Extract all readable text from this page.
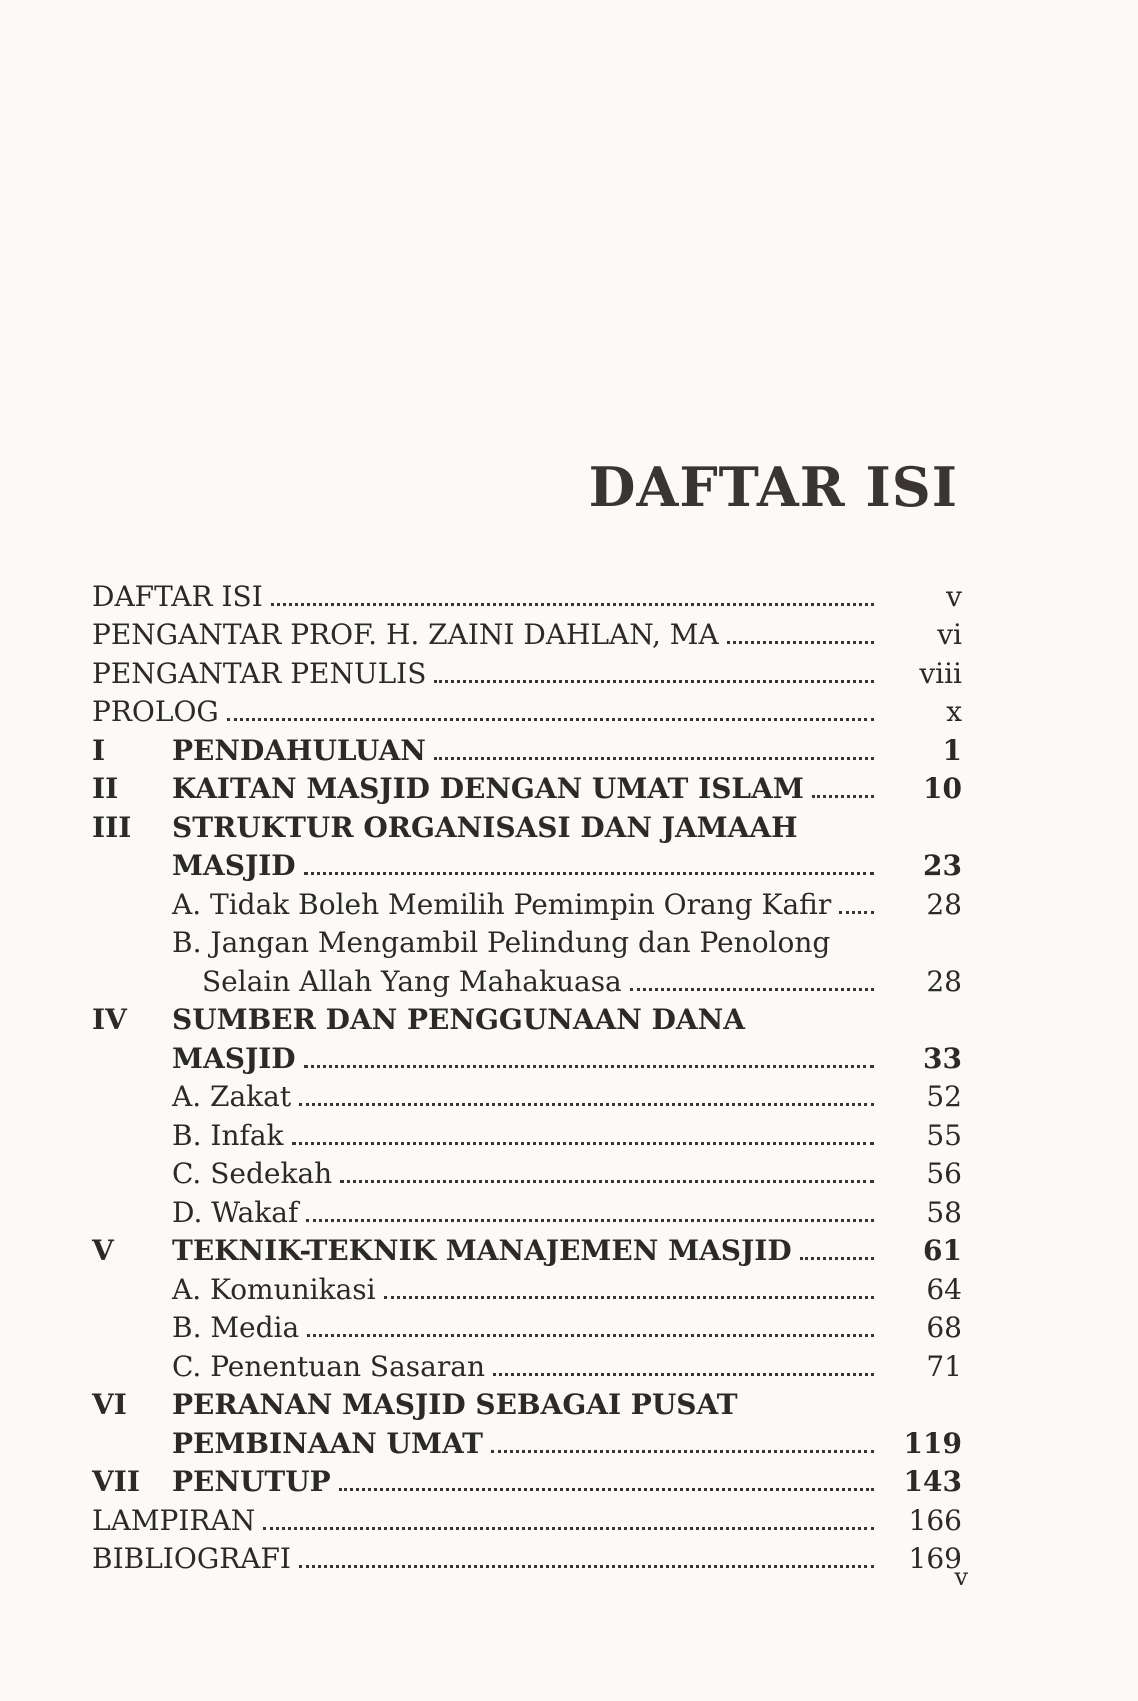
DAFTAR ISI
DAFTAR ISI	v
PENGANTAR PROF. H. ZAINI DAHLAN, MA	vi
PENGANTAR PENULIS	viii
PROLOG	x
I	PENDAHULUAN	1
II	KAITAN MASJID DENGAN UMAT ISLAM	10
III	STRUKTUR ORGANISASI DAN JAMAAH
MASJID	23
A. Tidak Boleh Memilih Pemimpin Orang Kafir	28
B. Jangan Mengambil Pelindung dan Penolong
Selain Allah Yang Mahakuasa	28
IV	SUMBER DAN PENGGUNAAN DANA
MASJID	33
A. Zakat	52
B. Infak	55
C. Sedekah	56
D. Wakaf	58
V	TEKNIK-TEKNIK MANAJEMEN MASJID	61
A. Komunikasi	64
B. Media	68
C. Penentuan Sasaran	71
VI	PERANAN MASJID SEBAGAI PUSAT
PEMBINAAN UMAT	119
VII	PENUTUP	143
LAMPIRAN	166
BIBLIOGRAFI	169
v
